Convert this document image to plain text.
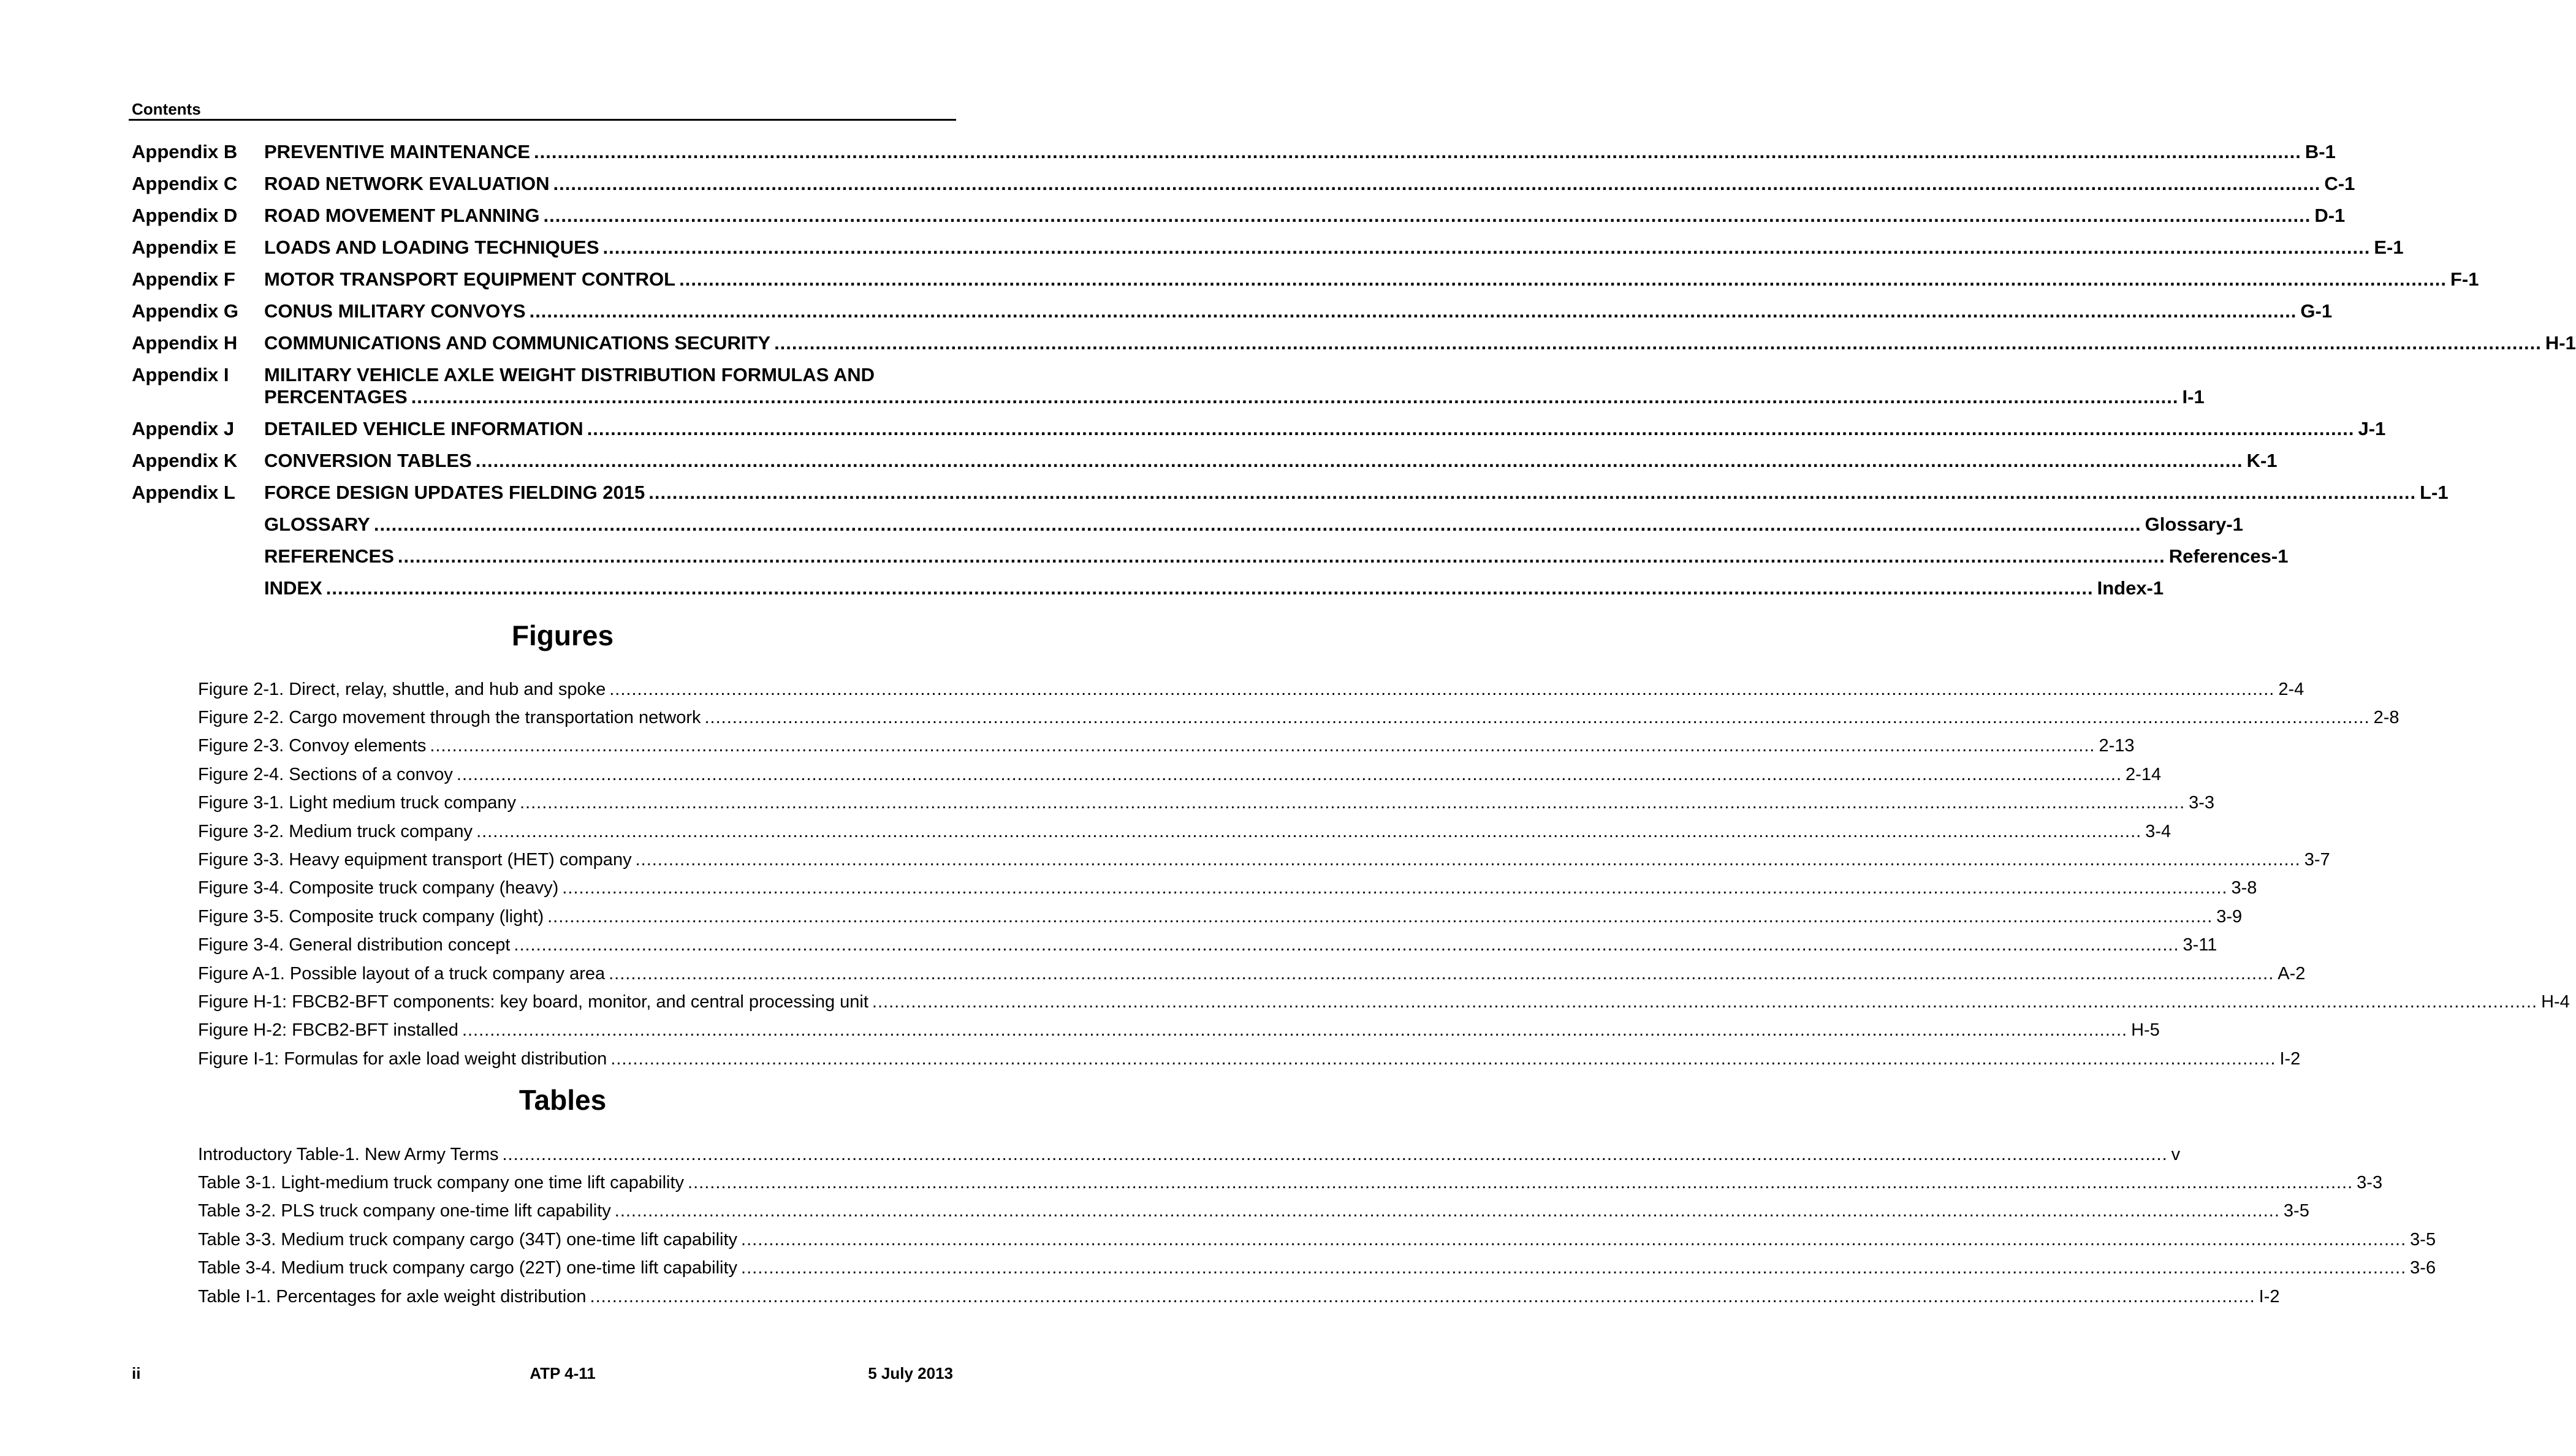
Contents
Appendix B	PREVENTIVE MAINTENANCE ............................................................................................................................................................................................................................................................................................................ B-1
Appendix C	ROAD NETWORK EVALUATION ............................................................................................................................................................................................................................................................................................................ C-1
Appendix D	ROAD MOVEMENT PLANNING ............................................................................................................................................................................................................................................................................................................ D-1
Appendix E	LOADS AND LOADING TECHNIQUES ............................................................................................................................................................................................................................................................................................................ E-1
Appendix F	MOTOR TRANSPORT EQUIPMENT CONTROL ............................................................................................................................................................................................................................................................................................................ F-1
Appendix G	CONUS MILITARY CONVOYS ............................................................................................................................................................................................................................................................................................................ G-1
Appendix H	COMMUNICATIONS AND COMMUNICATIONS SECURITY ............................................................................................................................................................................................................................................................................................................ H-1
Appendix I	MILITARY VEHICLE AXLE WEIGHT DISTRIBUTION FORMULAS AND
PERCENTAGES ............................................................................................................................................................................................................................................................................................................ I-1
Appendix J	DETAILED VEHICLE INFORMATION ............................................................................................................................................................................................................................................................................................................ J-1
Appendix K	CONVERSION TABLES ............................................................................................................................................................................................................................................................................................................ K-1
Appendix L	FORCE DESIGN UPDATES FIELDING 2015 ............................................................................................................................................................................................................................................................................................................ L-1
GLOSSARY ............................................................................................................................................................................................................................................................................................................ Glossary-1
REFERENCES ............................................................................................................................................................................................................................................................................................................ References-1
INDEX ............................................................................................................................................................................................................................................................................................................ Index-1
Figures
Figure 2-1. Direct, relay, shuttle, and hub and spoke ............................................................................................................................................................................................................................................................................................................ 2-4
Figure 2-2. Cargo movement through the transportation network ............................................................................................................................................................................................................................................................................................................ 2-8
Figure 2-3. Convoy elements ............................................................................................................................................................................................................................................................................................................ 2-13
Figure 2-4. Sections of a convoy ............................................................................................................................................................................................................................................................................................................ 2-14
Figure 3-1. Light medium truck company ............................................................................................................................................................................................................................................................................................................ 3-3
Figure 3-2. Medium truck company ............................................................................................................................................................................................................................................................................................................ 3-4
Figure 3-3. Heavy equipment transport (HET) company ............................................................................................................................................................................................................................................................................................................ 3-7
Figure 3-4. Composite truck company (heavy) ............................................................................................................................................................................................................................................................................................................ 3-8
Figure 3-5. Composite truck company (light) ............................................................................................................................................................................................................................................................................................................ 3-9
Figure 3-4. General distribution concept ............................................................................................................................................................................................................................................................................................................ 3-11
Figure A-1. Possible layout of a truck company area ............................................................................................................................................................................................................................................................................................................ A-2
Figure H-1: FBCB2-BFT components: key board, monitor, and central processing unit ............................................................................................................................................................................................................................................................................................................ H-4
Figure H-2: FBCB2-BFT installed ............................................................................................................................................................................................................................................................................................................ H-5
Figure I-1: Formulas for axle load weight distribution ............................................................................................................................................................................................................................................................................................................ I-2
Tables
Introductory Table-1. New Army Terms ............................................................................................................................................................................................................................................................................................................ v
Table 3-1. Light-medium truck company one time lift capability ............................................................................................................................................................................................................................................................................................................ 3-3
Table 3-2. PLS truck company one-time lift capability ............................................................................................................................................................................................................................................................................................................ 3-5
Table 3-3. Medium truck company cargo (34T) one-time lift capability ............................................................................................................................................................................................................................................................................................................ 3-5
Table 3-4. Medium truck company cargo (22T) one-time lift capability ............................................................................................................................................................................................................................................................................................................ 3-6
Table I-1. Percentages for axle weight distribution ............................................................................................................................................................................................................................................................................................................ I-2
ii	ATP 4-11	5 July 2013
